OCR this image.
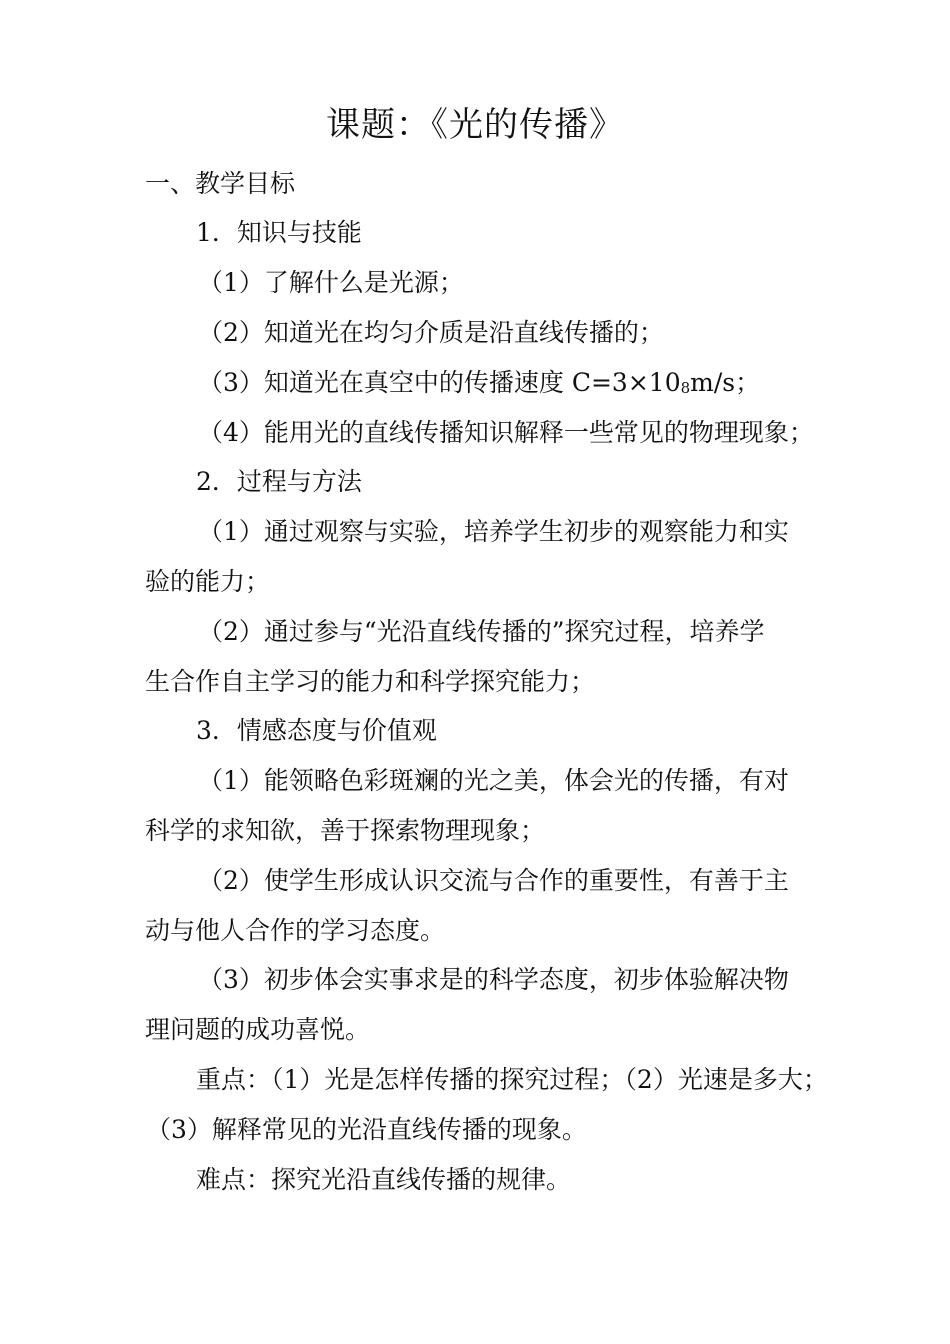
课题：《光的传播》
一、教学目标
1．知识与技能
（1）了解什么是光源；
（2）知道光在均匀介质是沿直线传播的；
（3）知道光在真空中的传播速度 C=3×108m/s；
（4）能用光的直线传播知识解释一些常见的物理现象；
2．过程与方法
（1）通过观察与实验，培养学生初步的观察能力和实
验的能力；
（2）通过参与“光沿直线传播的”探究过程，培养学
生合作自主学习的能力和科学探究能力；
3．情感态度与价值观
（1）能领略色彩斑斓的光之美，体会光的传播，有对
科学的求知欲，善于探索物理现象；
（2）使学生形成认识交流与合作的重要性，有善于主
动与他人合作的学习态度。
（3）初步体会实事求是的科学态度，初步体验解决物
理问题的成功喜悦。
重点：（1）光是怎样传播的探究过程；（2）光速是多大；
（3）解释常见的光沿直线传播的现象。
难点：探究光沿直线传播的规律。
